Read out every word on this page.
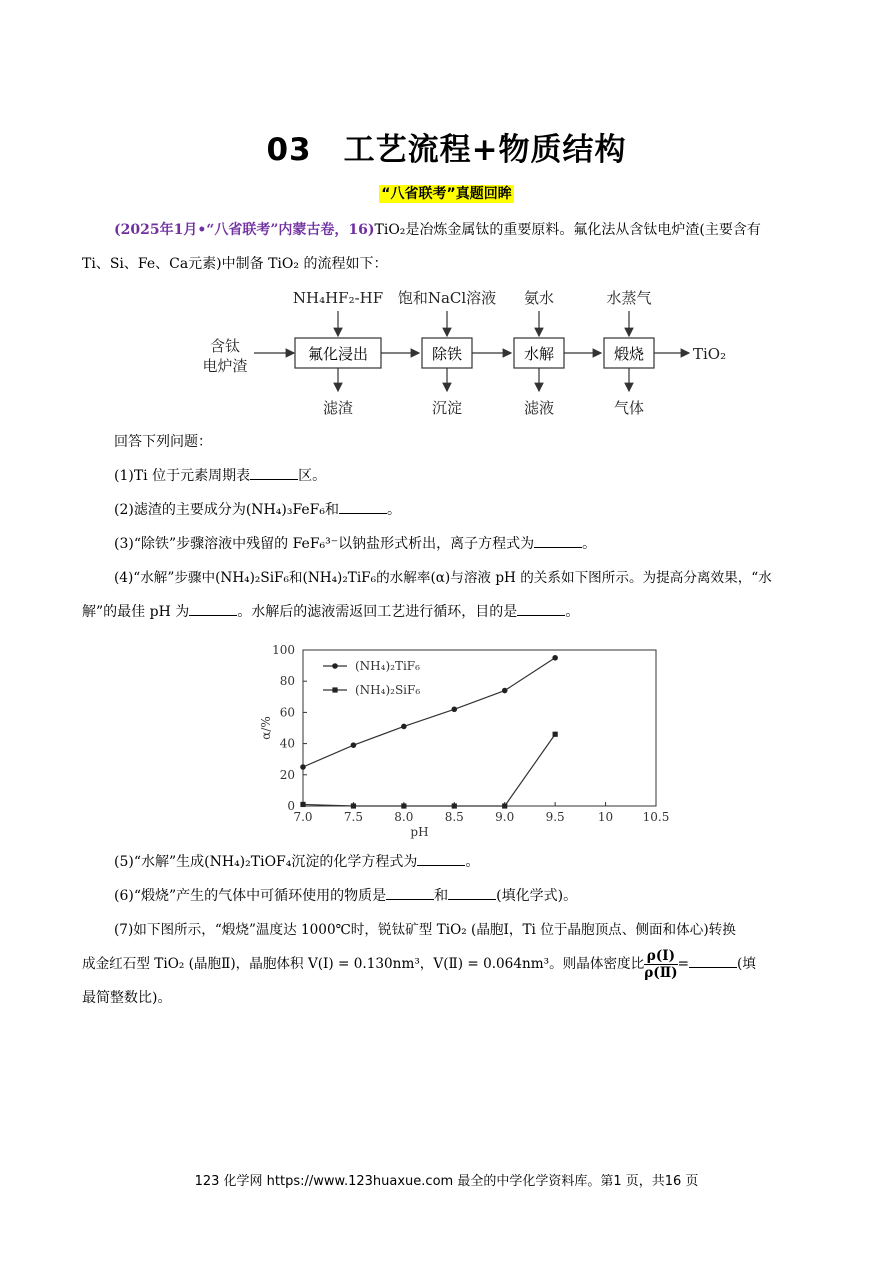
03　工艺流程+物质结构
“八省联考”真题回眸
(2025年1月•“八省联考”内蒙古卷，16)TiO₂是冶炼金属钛的重要原料。氟化法从含钛电炉渣(主要含有
Ti、Si、Fe、Ca元素)中制备 TiO₂ 的流程如下：
含钛
电炉渣
氟化浸出	除铁	水解	煅烧	TiO₂
NH₄HF₂-HF 饱和NaCl溶液 氨水	水蒸气
滤渣	沉淀	滤液	气体
回答下列问题：
(1)Ti 位于元素周期表	区。
(2)滤渣的主要成分为(NH₄)₃FeF₆和	。
(3)“除铁”步骤溶液中残留的 FeF₆³⁻以钠盐形式析出，离子方程式为	。
(4)“水解”步骤中(NH₄)₂SiF₆和(NH₄)₂TiF₆的水解率(α)与溶液 pH 的关系如下图所示。为提高分离效果，“水
解”的最佳 pH 为	。水解后的滤液需返回工艺进行循环，目的是	。
7.0	7.5	8.0	8.5	9.0	9.5	10 10.5
0
20
40
60
80
100
pH
α/%
(NH₄)₂TiF₆
(NH₄)₂SiF₆
(5)“水解”生成(NH₄)₂TiOF₄沉淀的化学方程式为	。
(6)“煅烧”产生的气体中可循环使用的物质是	和	(填化学式)。
(7)如下图所示，“煅烧”温度达 1000℃时，锐钛矿型 TiO₂ (晶胞Ⅰ，Ti 位于晶胞顶点、侧面和体心)转换
成金红石型 TiO₂ (晶胞Ⅱ)，晶胞体积 V(Ⅰ) = 0.130nm³，V(Ⅱ) = 0.064nm³。则晶体密度比 $\frac{\text{ρ(Ⅰ)}}{\text{ρ(Ⅱ)}}$ =	(填
最简整数比)。
123 化学网 https://www.123huaxue.com 最全的中学化学资料库。第1 页，共16 页
